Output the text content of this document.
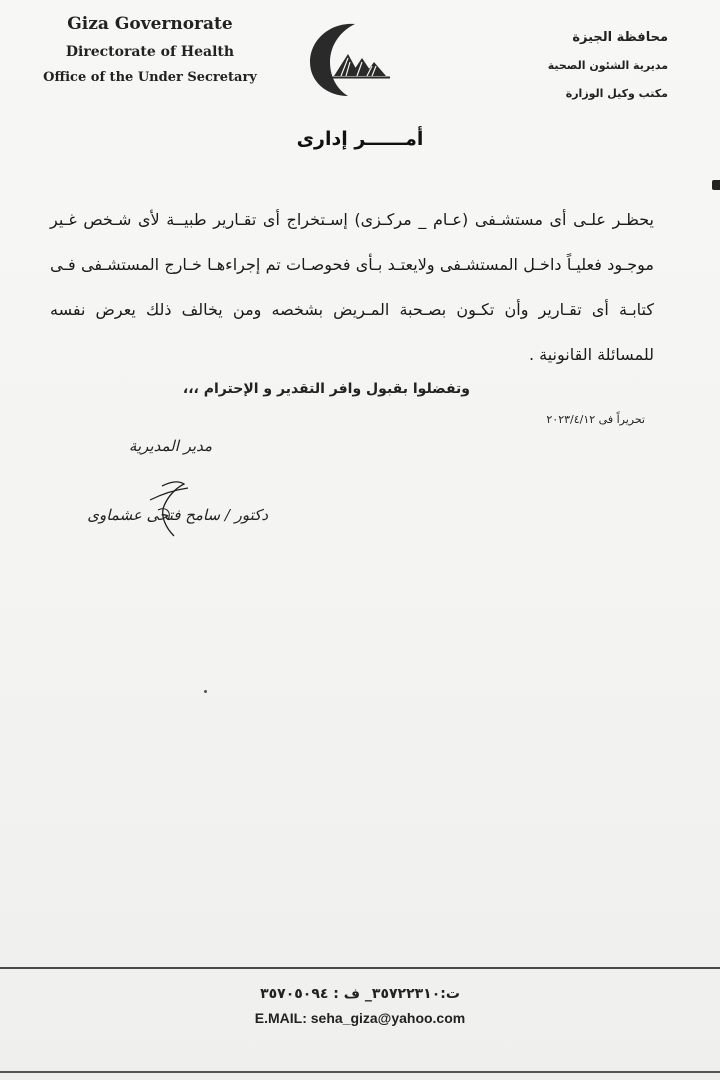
Giza Governorate
Directorate of Health
Office of the Under Secretary
محافظة الجيزة
مديرية الشئون الصحية
مكتب وكيل الوزارة
أمــــــر إدارى
يحظـر علـى أى مستشـفى (عـام _ مركـزى) إسـتخراج أى تقـارير طبيــة لأى شـخص غـير موجـود فعليـاً داخـل المستشـفى ولايعتـد بـأى فحوصـات تم إجراءهـا خـارج المستشـفى فـى كتابـة أى تقـارير وأن تكـون بصـحبة المـريض بشخصه ومن يخالف ذلك يعرض نفسه للمسائلة القانونية .
وتفضلوا بقبول وافر التقدير و الإحترام ،،،
تحريراً فى ٢٠٢٣/٤/١٢
مدير المديرية
دكتور / سامح فتحى عشماوى
ت:٣٥٧٢٢٣١٠_ ف : ٣٥٧٠٥٠٩٤
E.MAIL: seha_giza@yahoo.com
